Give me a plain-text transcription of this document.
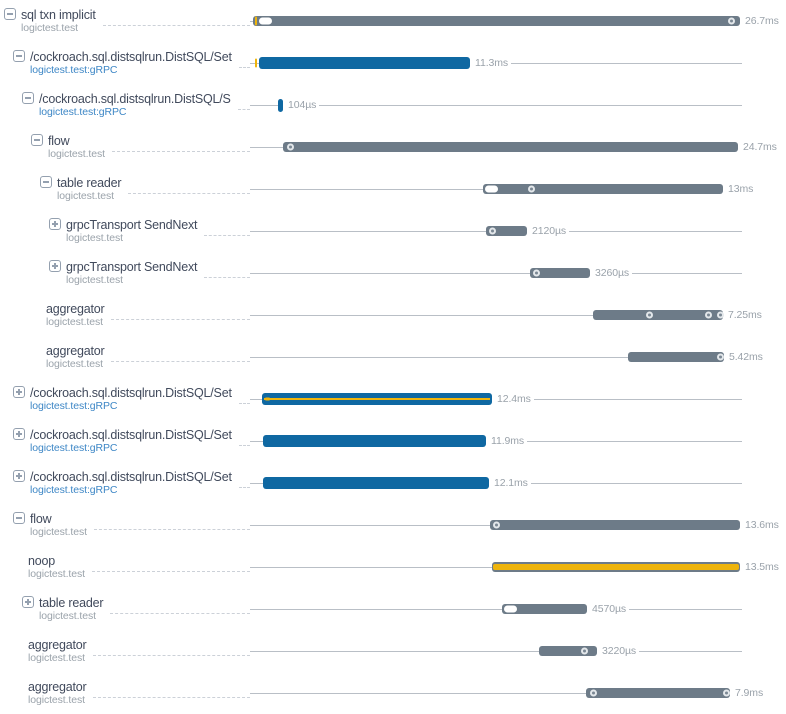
sql txn implicit
logictest.test
26.7ms
/cockroach.sql.distsqlrun.DistSQL/Set
logictest.test:gRPC
11.3ms
/cockroach.sql.distsqlrun.DistSQL/S
logictest.test:gRPC
104µs
flow
logictest.test
24.7ms
table reader
logictest.test
13ms
grpcTransport SendNext
logictest.test
2120µs
grpcTransport SendNext
logictest.test
3260µs
aggregator
logictest.test
7.25ms
aggregator
logictest.test
5.42ms
/cockroach.sql.distsqlrun.DistSQL/Set
logictest.test:gRPC
12.4ms
/cockroach.sql.distsqlrun.DistSQL/Set
logictest.test:gRPC
11.9ms
/cockroach.sql.distsqlrun.DistSQL/Set
logictest.test:gRPC
12.1ms
flow
logictest.test
13.6ms
noop
logictest.test
13.5ms
table reader
logictest.test
4570µs
aggregator
logictest.test
3220µs
aggregator
logictest.test
7.9ms
